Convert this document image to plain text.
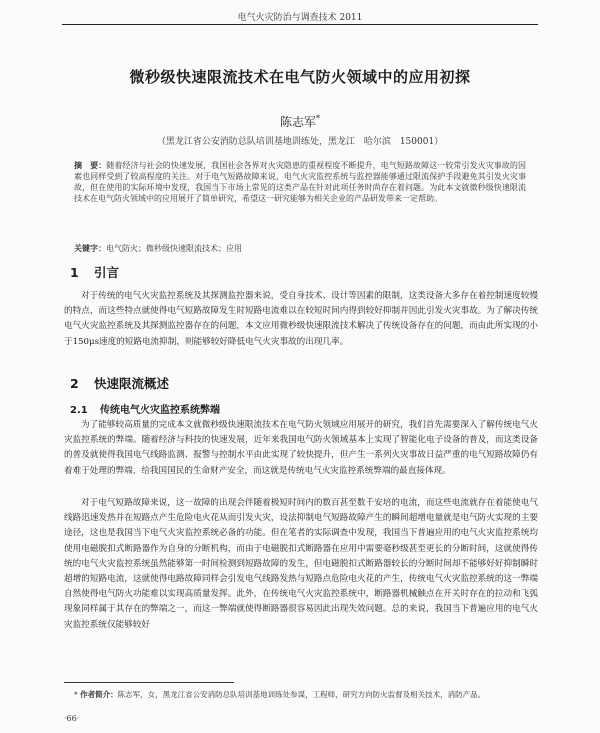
电气火灾防治与调查技术 2011
微秒级快速限流技术在电气防火领域中的应用初探
陈志军*
（黑龙江省公安消防总队培训基地训练处，黑龙江　哈尔滨　150001）
摘　要：随着经济与社会的快速发展，我国社会各界对火灾隐患的重视程度不断提升，电气短路故障这一较常引发火灾事故的因素也同样受到了较高程度的关注。对于电气短路故障来说，电气火灾监控系统与监控器能够通过限流保护手段避免其引发火灾事故，但在使用的实际环境中发现，我国当下市场上常见的这类产品在针对此项任务时尚存在着问题。为此本文就微秒级快速限流技术在电气防火领域中的应用展开了简单研究，希望这一研究能够为相关企业的产品研发带来一定帮助。
关键字：电气防火；微秒级快速限流技术；应用
1 引言
对于传统的电气火灾监控系统及其探测监控器来说，受自身技术、设计等因素的限制，这类设备大多存在着控制速度较慢的特点，而这些特点就使得电气短路故障发生时短路电流难以在较短时间内得到较好抑制并因此引发火灾事故。为了解决传统电气火灾监控系统及其探测监控器存在的问题，本文应用微秒级快速限流技术解决了传统设备存在的问题，而由此所实现的小于150μs速度的短路电流抑制，则能够较好降低电气火灾事故的出现几率。
2 快速限流概述
2.1 传统电气火灾监控系统弊端
为了能够较高质量的完成本文就微秒级快速限流技术在电气防火领域应用展开的研究，我们首先需要深入了解传统电气火灾监控系统的弊端。随着经济与科技的快速发展，近年来我国电气防火领域基本上实现了智能化电子设备的普及，而这类设备的普及就使得我国电气线路监测、报警与控制水平由此实现了较快提升，但产生一系列火灾事故日益严重的电气短路故障仍有着难于处理的弊端，给我国国民的生命财产安全，而这就是传统电气火灾监控系统弊端的最直接体现。
对于电气短路故障来说，这一故障的出现会伴随着极短时间内的数百甚至数千安培的电流，而这些电流就存在着能使电气线路迅速发热并在短路点产生危险电火花从而引发火灾，设法抑制电气短路故障产生的瞬间超增电量就是电气防火实现的主要途径，这也是我国当下电气火灾监控系统必备的功能。但在笔者的实际调查中发现，我国当下普遍应用的电气火灾监控系统均使用电磁脱扣式断路器作为自身的分断机构，而由于电磁脱扣式断路器在应用中需要毫秒级甚至更长的分断时间，这就使得传统的电气火灾监控系统虽然能够第一时间检测到短路故障的发生，但电磁脱扣式断路器较长的分断时间却不能够好好抑制瞬时超增的短路电流，这就使得电路故障同样会引发电气线路发热与短路点危险电火花的产生，传统电气火灾监控系统的这一弊端自然使得电气防火功能难以实现高质量发挥。此外，在传统电气火灾监控系统中，断路器机械触点在开关时存在的拉动和飞弧现象同样属于其存在的弊端之一，而这一弊端就使得断路器很容易因此出现失效问题。总的来说，我国当下普遍应用的电气火灾监控系统仅能够较好
* 作者简介：陈志军，女，黑龙江省公安消防总队培训基地训练处参谋，工程师，研究方向防火监督及相关技术，消防产品。
·66·
